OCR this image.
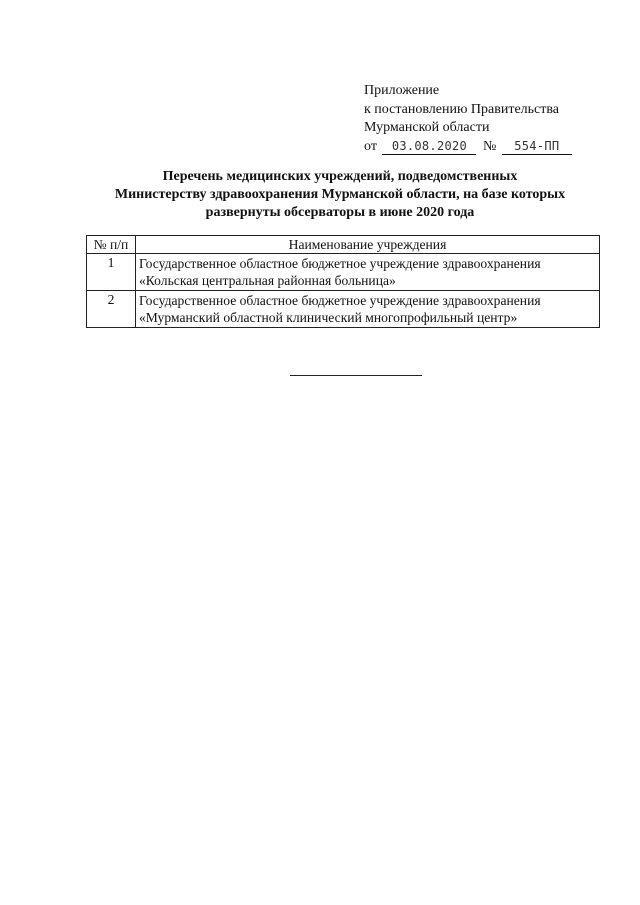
Приложение
к постановлению Правительства
Мурманской области
от 03.08.2020 № 554-ПП
Перечень медицинских учреждений, подведомственных
Министерству здравоохранения Мурманской области, на базе которых
развернуты обсерваторы в июне 2020 года
№ п/п	Наименование учреждения
1	Государственное областное бюджетное учреждение здравоохранения
«Кольская центральная районная больница»

2	Государственное областное бюджетное учреждение здравоохранения
«Мурманский областной клинический многопрофильный центр»
